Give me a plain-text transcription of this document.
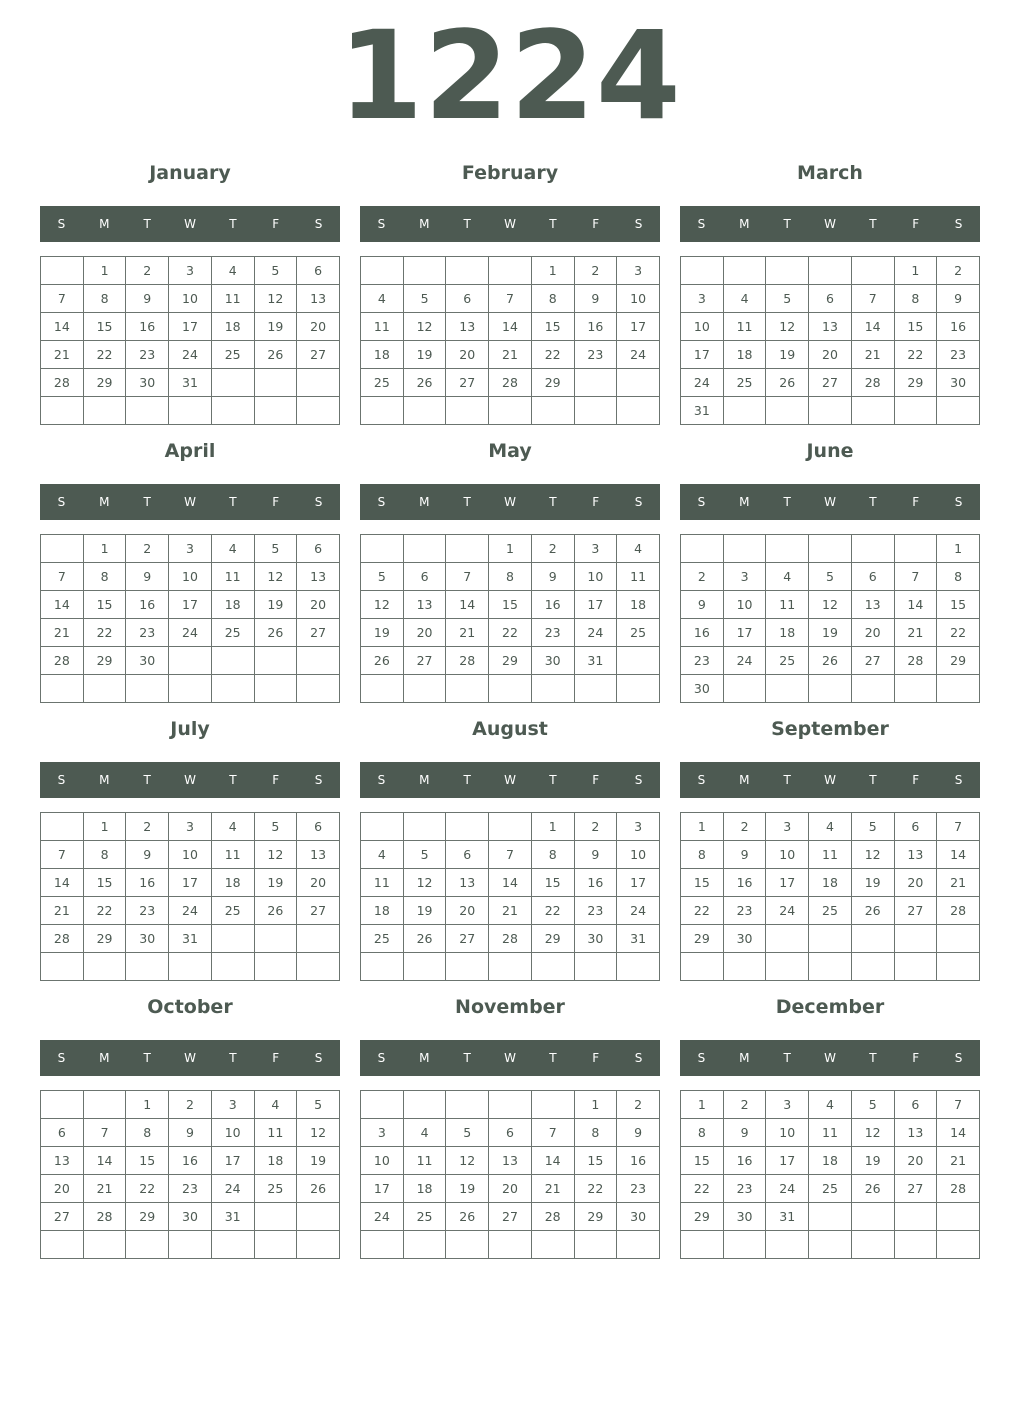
1224
January
S	M	T	W	T	F	S
	1	2	3	4	5	6
7	8	9	10	11	12	13
14	15	16	17	18	19	20
21	22	23	24	25	26	27
28	29	30	31			

February
S	M	T	W	T	F	S
				1	2	3
4	5	6	7	8	9	10
11	12	13	14	15	16	17
18	19	20	21	22	23	24
25	26	27	28	29		

March
S	M	T	W	T	F	S
					1	2
3	4	5	6	7	8	9
10	11	12	13	14	15	16
17	18	19	20	21	22	23
24	25	26	27	28	29	30
31						
April
S	M	T	W	T	F	S
	1	2	3	4	5	6
7	8	9	10	11	12	13
14	15	16	17	18	19	20
21	22	23	24	25	26	27
28	29	30				

May
S	M	T	W	T	F	S
			1	2	3	4
5	6	7	8	9	10	11
12	13	14	15	16	17	18
19	20	21	22	23	24	25
26	27	28	29	30	31	

June
S	M	T	W	T	F	S
						1
2	3	4	5	6	7	8
9	10	11	12	13	14	15
16	17	18	19	20	21	22
23	24	25	26	27	28	29
30						
July
S	M	T	W	T	F	S
	1	2	3	4	5	6
7	8	9	10	11	12	13
14	15	16	17	18	19	20
21	22	23	24	25	26	27
28	29	30	31			

August
S	M	T	W	T	F	S
				1	2	3
4	5	6	7	8	9	10
11	12	13	14	15	16	17
18	19	20	21	22	23	24
25	26	27	28	29	30	31

September
S	M	T	W	T	F	S
1	2	3	4	5	6	7
8	9	10	11	12	13	14
15	16	17	18	19	20	21
22	23	24	25	26	27	28
29	30					

October
S	M	T	W	T	F	S
		1	2	3	4	5
6	7	8	9	10	11	12
13	14	15	16	17	18	19
20	21	22	23	24	25	26
27	28	29	30	31		

November
S	M	T	W	T	F	S
					1	2
3	4	5	6	7	8	9
10	11	12	13	14	15	16
17	18	19	20	21	22	23
24	25	26	27	28	29	30

December
S	M	T	W	T	F	S
1	2	3	4	5	6	7
8	9	10	11	12	13	14
15	16	17	18	19	20	21
22	23	24	25	26	27	28
29	30	31				
